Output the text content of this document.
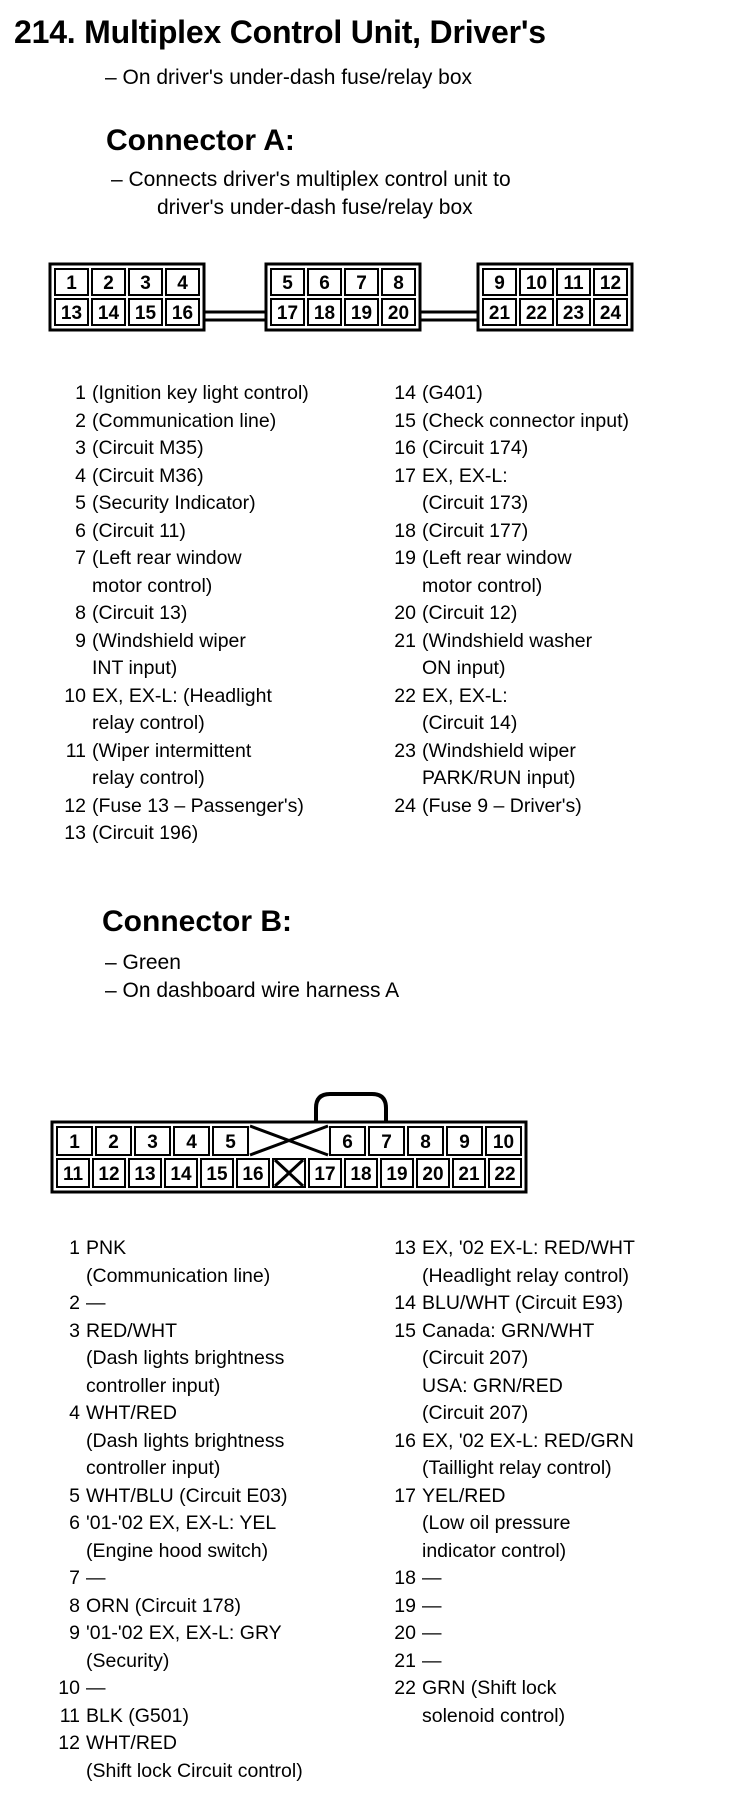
214. Multiplex Control Unit, Driver's
– On driver's under-dash fuse/relay box
Connector A:
– Connects driver's multiplex control unit to
driver's under-dash fuse/relay box
1
13
2
14
3
15
4
16
5
17
6
18
7
19
8
20
9
21
10
22
11
23
12
24
1 (Ignition key light control)
2 (Communication line)
3 (Circuit M35)
4 (Circuit M36)
5 (Security Indicator)
6 (Circuit 11)
7 (Left rear window
motor control)
8 (Circuit 13)
9 (Windshield wiper
INT input)
10 EX, EX-L: (Headlight
relay control)
11 (Wiper intermittent
relay control)
12 (Fuse 13 – Passenger's)
13 (Circuit 196)
14 (G401)
15 (Check connector input)
16 (Circuit 174)
17 EX, EX-L:
(Circuit 173)
18 (Circuit 177)
19 (Left rear window
motor control)
20 (Circuit 12)
21 (Windshield washer
ON input)
22 EX, EX-L:
(Circuit 14)
23 (Windshield wiper
PARK/RUN input)
24 (Fuse 9 – Driver's)
Connector B:
– Green
– On dashboard wire harness A
1 2 3 4 5	6 7 8 9 10
11 12 13 14 15 16	17 18 19 20 21 22
1 PNK
(Communication line)
2 —
3 RED/WHT
(Dash lights brightness
controller input)
4 WHT/RED
(Dash lights brightness
controller input)
5 WHT/BLU (Circuit E03)
6 '01-'02 EX, EX-L: YEL
(Engine hood switch)
7 —
8 ORN (Circuit 178)
9 '01-'02 EX, EX-L: GRY
(Security)
10 —
11 BLK (G501)
12 WHT/RED
(Shift lock Circuit control)
13 EX, '02 EX-L: RED/WHT
(Headlight relay control)
14 BLU/WHT (Circuit E93)
15 Canada: GRN/WHT
(Circuit 207)
USA: GRN/RED
(Circuit 207)
16 EX, '02 EX-L: RED/GRN
(Taillight relay control)
17 YEL/RED
(Low oil pressure
indicator control)
18 —
19 —
20 —
21 —
22 GRN (Shift lock
solenoid control)
